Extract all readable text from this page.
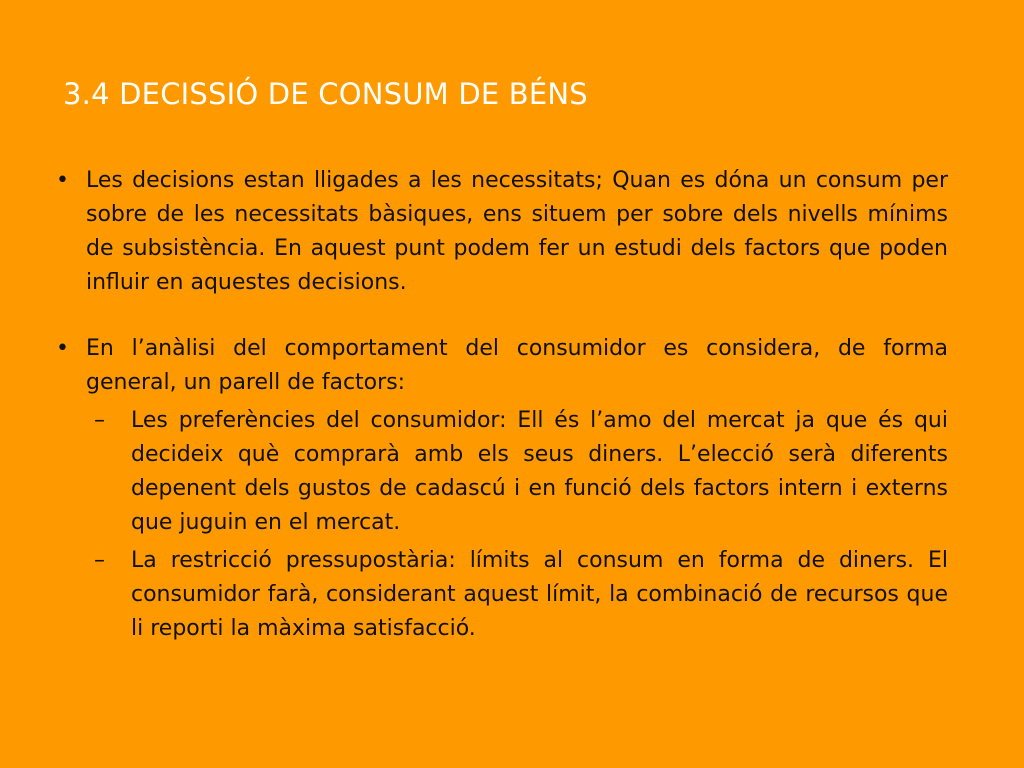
3.4 DECISSIÓ DE CONSUM DE BÉNS
• Les decisions estan lligades a les necessitats; Quan es dóna un consum per sobre de les necessitats bàsiques, ens situem per sobre dels nivells mínims de subsistència. En aquest punt podem fer un estudi dels factors que poden influir en aquestes decisions.
• En l’anàlisi del comportament del consumidor es considera, de forma general, un parell de factors:
–	Les preferències del consumidor: Ell és l’amo del mercat ja que és qui decideix què comprarà amb els seus diners. L’elecció serà diferents depenent dels gustos de cadascú i en funció dels factors intern i externs que juguin en el mercat.
–	La restricció pressupostària: límits al consum en forma de diners. El consumidor farà, considerant aquest límit, la combinació de recursos que li reporti la màxima satisfacció.
